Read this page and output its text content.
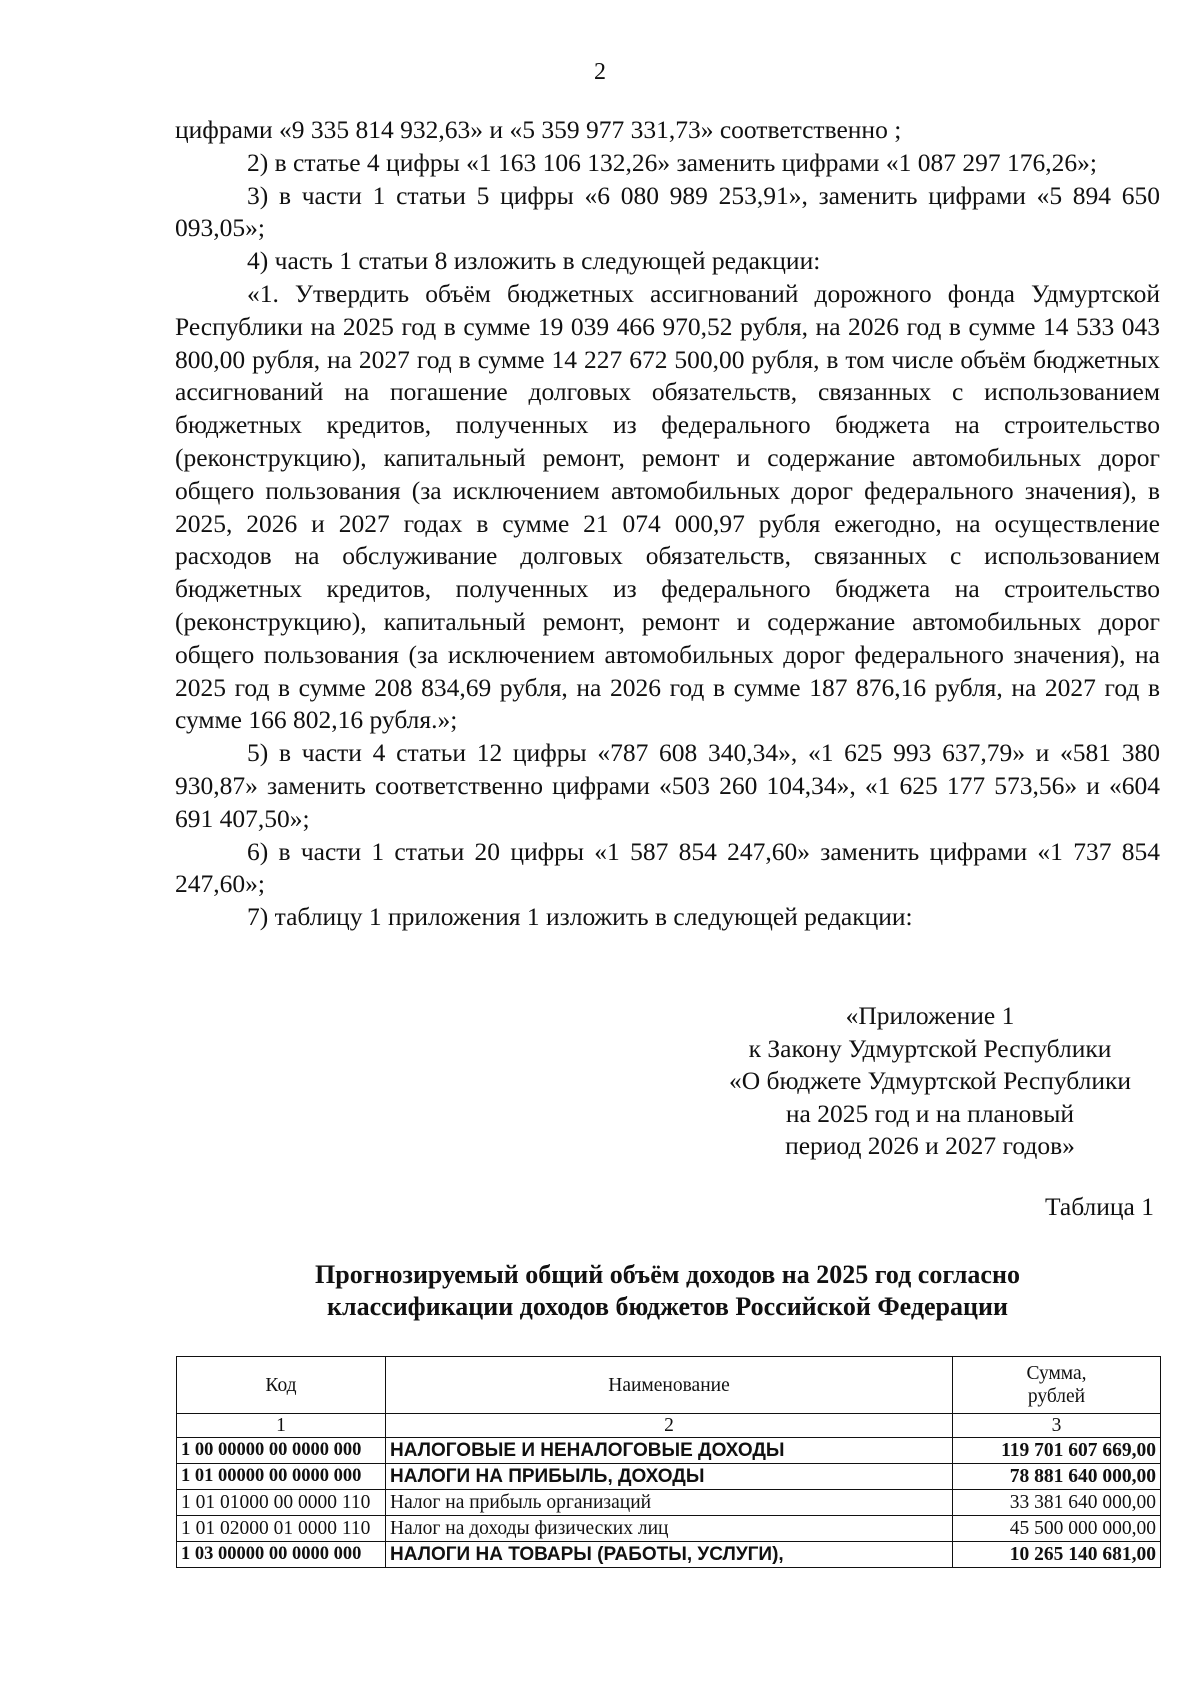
2

цифрами «9 335 814 932,63» и «5 359 977 331,73» соответственно ;

2) в статье 4 цифры «1 163 106 132,26» заменить цифрами «1 087 297 176,26»;

3) в части 1 статьи 5 цифры «6 080 989 253,91», заменить цифрами «5 894 650 093,05»;

4) часть 1 статьи 8 изложить в следующей редакции:

«1. Утвердить объём бюджетных ассигнований дорожного фонда Удмуртской Республики на 2025 год в сумме 19 039 466 970,52 рубля, на 2026 год в сумме 14 533 043 800,00 рубля, на 2027 год в сумме 14 227 672 500,00 рубля, в том числе объём бюджетных ассигнований на погашение долговых обязательств, связанных с использованием бюджетных кредитов, полученных из федерального бюджета на строительство (реконструкцию), капитальный ремонт, ремонт и содержание автомобильных дорог общего пользования (за исключением автомобильных дорог федерального значения), в 2025, 2026 и 2027 годах в сумме 21 074 000,97 рубля ежегодно, на осуществление расходов на обслуживание долговых обязательств, связанных с использованием бюджетных кредитов, полученных из федерального бюджета на строительство (реконструкцию), капитальный ремонт, ремонт и содержание автомобильных дорог общего пользования (за исключением автомобильных дорог федерального значения), на 2025 год в сумме 208 834,69 рубля, на 2026 год в сумме 187 876,16 рубля, на 2027 год в сумме 166 802,16 рубля.»;

5) в части 4 статьи 12 цифры «787 608 340,34», «1 625 993 637,79» и «581 380 930,87» заменить соответственно цифрами «503 260 104,34», «1 625 177 573,56» и «604 691 407,50»;

6) в части 1 статьи 20 цифры «1 587 854 247,60» заменить цифрами «1 737 854 247,60»;

7) таблицу 1 приложения 1 изложить в следующей редакции:

«Приложение 1
к Закону Удмуртской Республики
«О бюджете Удмуртской Республики
на 2025 год и на плановый
период 2026 и 2027 годов»
Таблица 1
Прогнозируемый общий объём доходов на 2025 год согласно
классификации доходов бюджетов Российской Федерации
Код	Наименование	Сумма,
рублей

1	2	3
1 00 00000 00 0000 000	НАЛОГОВЫЕ И НЕНАЛОГОВЫЕ ДОХОДЫ	119 701 607 669,00
1 01 00000 00 0000 000	НАЛОГИ НА ПРИБЫЛЬ, ДОХОДЫ	78 881 640 000,00
1 01 01000 00 0000 110	Налог на прибыль организаций	33 381 640 000,00
1 01 02000 01 0000 110	Налог на доходы физических лиц	45 500 000 000,00
1 03 00000 00 0000 000	НАЛОГИ НА ТОВАРЫ (РАБОТЫ, УСЛУГИ),	10 265 140 681,00
